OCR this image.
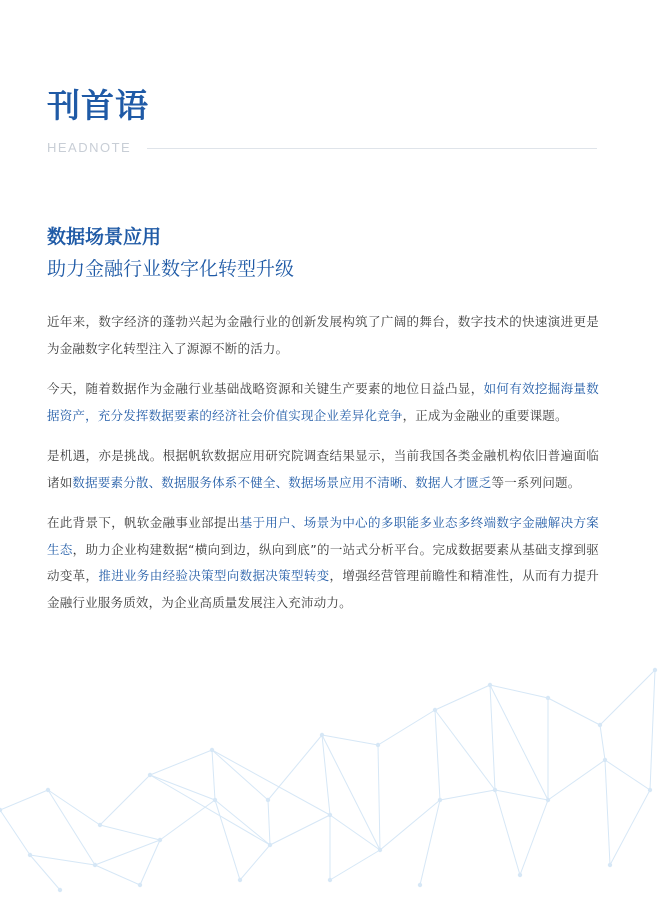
刊首语
HEADNOTE
数据场景应用
助力金融行业数字化转型升级

近年来，数字经济的蓬勃兴起为金融行业的创新发展构筑了广阔的舞台，数字技术的快速演进更是为金融数字化转型注入了源源不断的活力。

今天，随着数据作为金融行业基础战略资源和关键生产要素的地位日益凸显，如何有效挖掘海量数据资产，充分发挥数据要素的经济社会价值实现企业差异化竞争，正成为金融业的重要课题。

是机遇，亦是挑战。根据帆软数据应用研究院调查结果显示，当前我国各类金融机构依旧普遍面临诸如数据要素分散、数据服务体系不健全、数据场景应用不清晰、数据人才匮乏等一系列问题。

在此背景下，帆软金融事业部提出基于用户、场景为中心的多职能多业态多终端数字金融解决方案生态，助力企业构建数据“横向到边，纵向到底”的一站式分析平台。完成数据要素从基础支撑到驱动变革，推进业务由经验决策型向数据决策型转变，增强经营管理前瞻性和精准性，从而有力提升金融行业服务质效，为企业高质量发展注入充沛动力。
